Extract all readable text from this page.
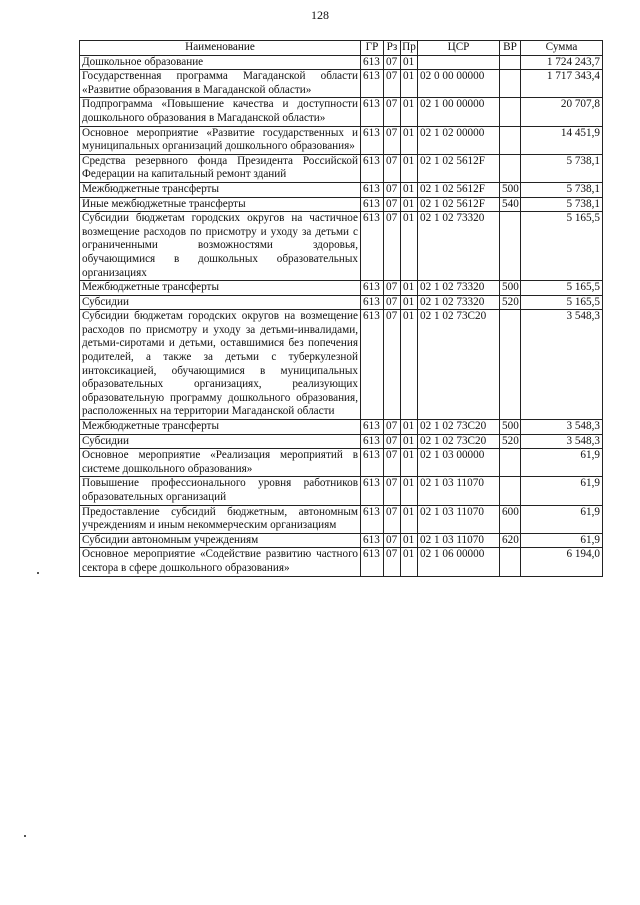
128
Наименование	ГР	Рз	Пр	ЦСР	ВР	Сумма
Дошкольное образование	613	07	01			1 724 243,7
Государственная программа Магаданской области «Развитие образования в Магаданской области»	613	07	01	02 0 00 00000		1 717 343,4
Подпрограмма «Повышение качества и доступности дошкольного образования в Магаданской области»	613	07	01	02 1 00 00000		20 707,8
Основное мероприятие «Развитие государственных и муниципальных организаций дошкольного образования»	613	07	01	02 1 02 00000		14 451,9
Средства резервного фонда Президента Российской Федерации на капитальный ремонт зданий	613	07	01	02 1 02 5612F		5 738,1
Межбюджетные трансферты	613	07	01	02 1 02 5612F	500	5 738,1
Иные межбюджетные трансферты	613	07	01	02 1 02 5612F	540	5 738,1
Субсидии бюджетам городских округов на частичное возмещение расходов по присмотру и уходу за детьми с ограниченными возможностями здоровья, обучающимися в дошкольных образовательных организациях	613	07	01	02 1 02 73320		5 165,5
Межбюджетные трансферты	613	07	01	02 1 02 73320	500	5 165,5
Субсидии	613	07	01	02 1 02 73320	520	5 165,5
Субсидии бюджетам городских округов на возмещение расходов по присмотру и уходу за детьми-инвалидами, детьми-сиротами и детьми, оставшимися без попечения родителей, а также за детьми с туберкулезной интоксикацией, обучающимися в муниципальных образовательных организациях, реализующих образовательную программу дошкольного образования, расположенных на территории Магаданской области	613	07	01	02 1 02 73С20		3 548,3
Межбюджетные трансферты	613	07	01	02 1 02 73С20	500	3 548,3
Субсидии	613	07	01	02 1 02 73С20	520	3 548,3
Основное мероприятие «Реализация мероприятий в системе дошкольного образования»	613	07	01	02 1 03 00000		61,9
Повышение профессионального уровня работников образовательных организаций	613	07	01	02 1 03 11070		61,9
Предоставление субсидий бюджетным, автономным учреждениям и иным некоммерческим организациям	613	07	01	02 1 03 11070	600	61,9
Субсидии автономным учреждениям	613	07	01	02 1 03 11070	620	61,9
Основное мероприятие «Содействие развитию частного сектора в сфере дошкольного образования»	613	07	01	02 1 06 00000		6 194,0
